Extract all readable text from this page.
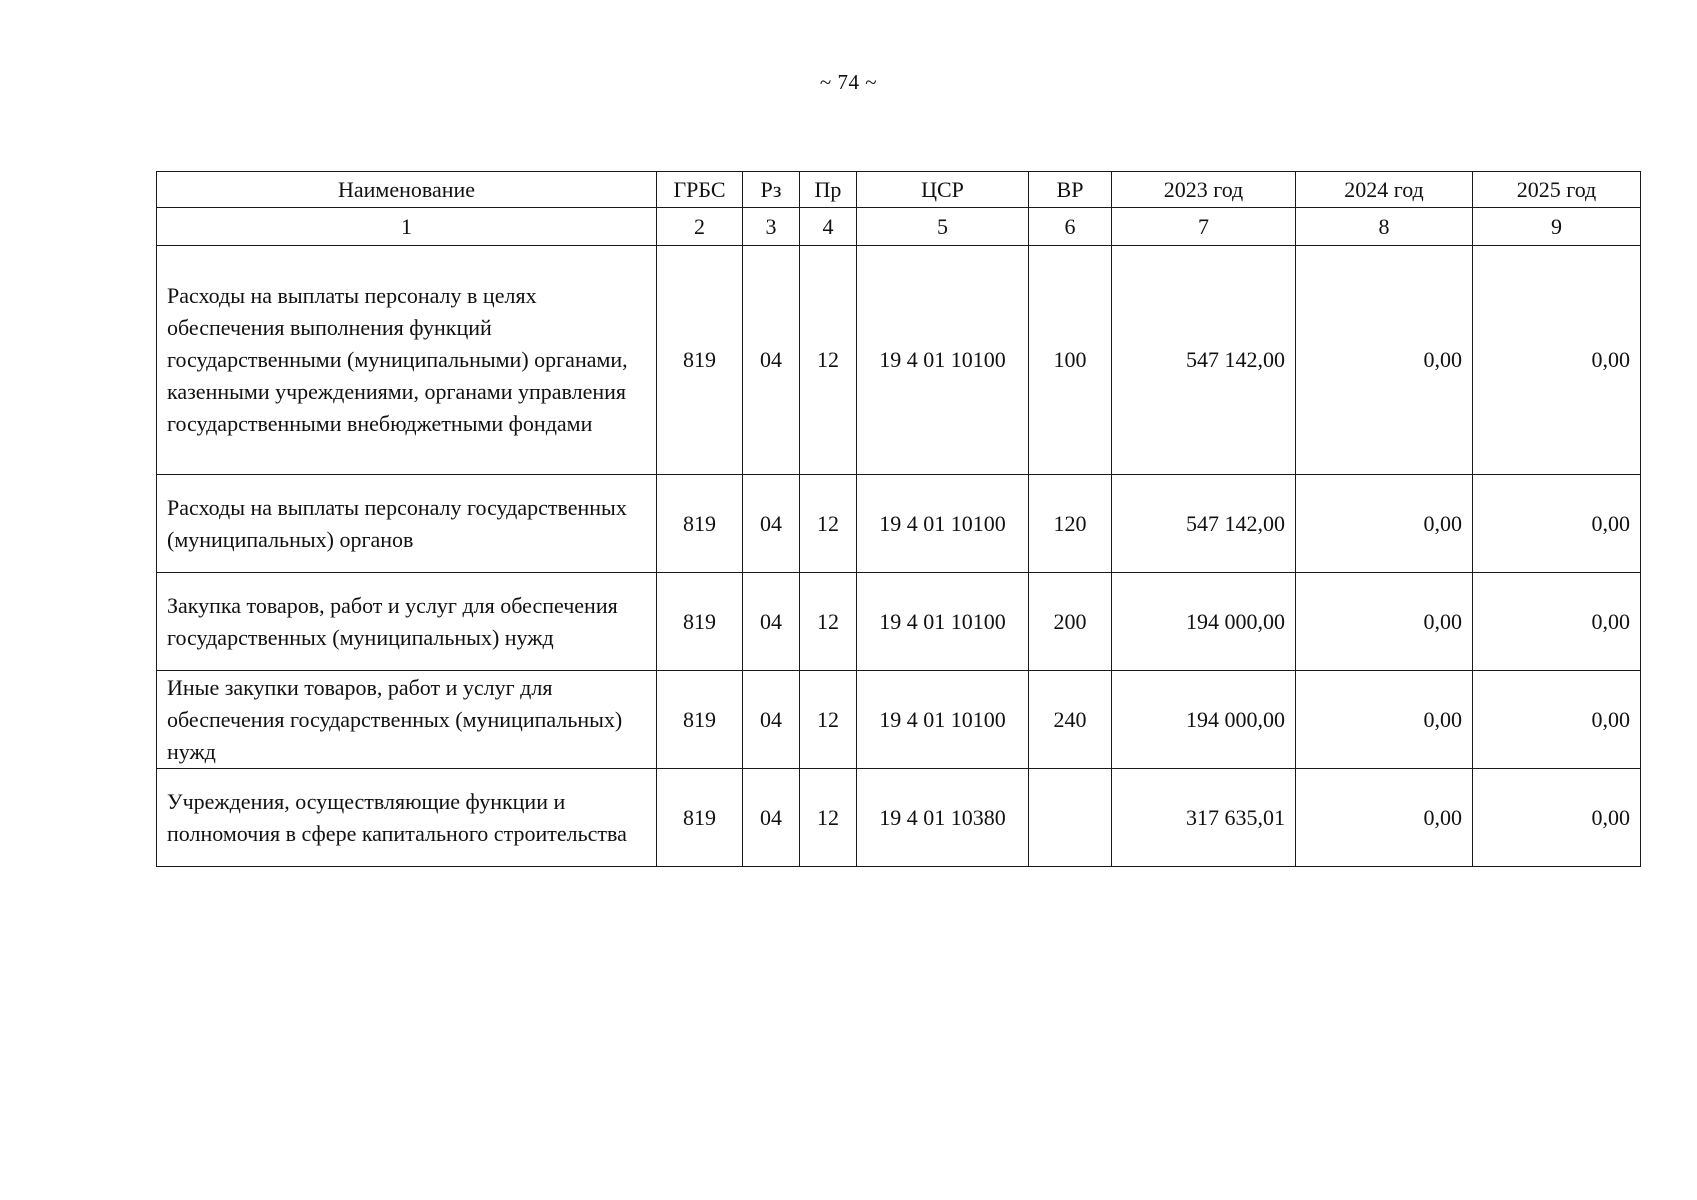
~ 74 ~
Наименование	ГРБС	Рз	Пр	ЦСР	ВР	2023 год	2024 год	2025 год
1	2	3	4	5	6	7	8	9
Расходы на выплаты персоналу в целях обеспечения выполнения функций государственными (муниципальными) органами, казенными учреждениями, органами управления государственными внебюджетными фондами	819	04	12	19 4 01 10100	100	547 142,00	0,00	0,00
Расходы на выплаты персоналу государственных (муниципальных) органов	819	04	12	19 4 01 10100	120	547 142,00	0,00	0,00
Закупка товаров, работ и услуг для обеспечения государственных (муниципальных) нужд	819	04	12	19 4 01 10100	200	194 000,00	0,00	0,00
Иные закупки товаров, работ и услуг для обеспечения государственных (муниципальных) нужд	819	04	12	19 4 01 10100	240	194 000,00	0,00	0,00
Учреждения, осуществляющие функции и полномочия в сфере капитального строительства	819	04	12	19 4 01 10380		317 635,01	0,00	0,00
